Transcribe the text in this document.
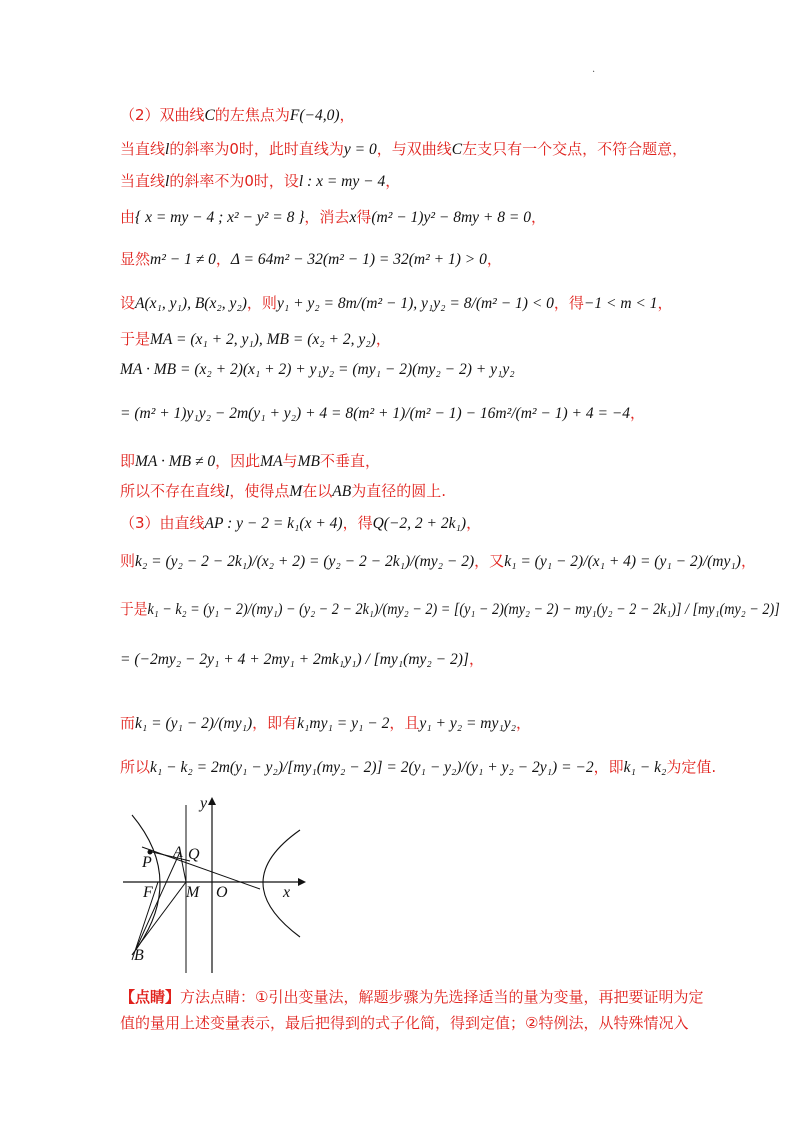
.
（2）双曲线C的左焦点为F(−4,0)，
当直线l的斜率为0时，此时直线为y = 0，与双曲线C左支只有一个交点，不符合题意，
当直线l的斜率不为0时，设l : x = my − 4，
由{ x = my − 4 ; x² − y² = 8 }，消去x得(m² − 1)y² − 8my + 8 = 0，
显然m² − 1 ≠ 0，Δ = 64m² − 32(m² − 1) = 32(m² + 1) > 0，
设A(x₁, y₁), B(x₂, y₂)，则y₁ + y₂ = 8m/(m² − 1), y₁y₂ = 8/(m² − 1) < 0，得−1 < m < 1，
于是MA = (x₁ + 2, y₁), MB = (x₂ + 2, y₂)，
MA · MB = (x₂ + 2)(x₁ + 2) + y₁y₂ = (my₁ − 2)(my₂ − 2) + y₁y₂
= (m² + 1)y₁y₂ − 2m(y₁ + y₂) + 4 = 8(m² + 1)/(m² − 1) − 16m²/(m² − 1) + 4 = −4，
即MA · MB ≠ 0，因此MA与MB不垂直，
所以不存在直线l，使得点M在以AB为直径的圆上.
（3）由直线AP : y − 2 = k₁(x + 4)，得Q(−2, 2 + 2k₁)，
则k₂ = (y₂ − 2 − 2k₁)/(x₂ + 2) = (y₂ − 2 − 2k₁)/(my₂ − 2)，又k₁ = (y₁ − 2)/(x₁ + 4) = (y₁ − 2)/(my₁)，
于是k₁ − k₂ = (y₁ − 2)/(my₁) − (y₂ − 2 − 2k₁)/(my₂ − 2) = [(y₁ − 2)(my₂ − 2) − my₁(y₂ − 2 − 2k₁)] / [my₁(my₂ − 2)]
= (−2my₂ − 2y₁ + 4 + 2my₁ + 2mk₁y₁) / [my₁(my₂ − 2)]，
而k₁ = (y₁ − 2)/(my₁)，即有k₁my₁ = y₁ − 2，且y₁ + y₂ = my₁y₂，
所以k₁ − k₂ = 2m(y₁ − y₂)/[my₁(my₂ − 2)] = 2(y₁ − y₂)/(y₁ + y₂ − 2y₁) = −2，即k₁ − k₂为定值.
y
x
A Q
P
F M O
B
【点睛】方法点睛：①引出变量法，解题步骤为先选择适当的量为变量，再把要证明为定
值的量用上述变量表示，最后把得到的式子化简，得到定值；②特例法，从特殊情况入
